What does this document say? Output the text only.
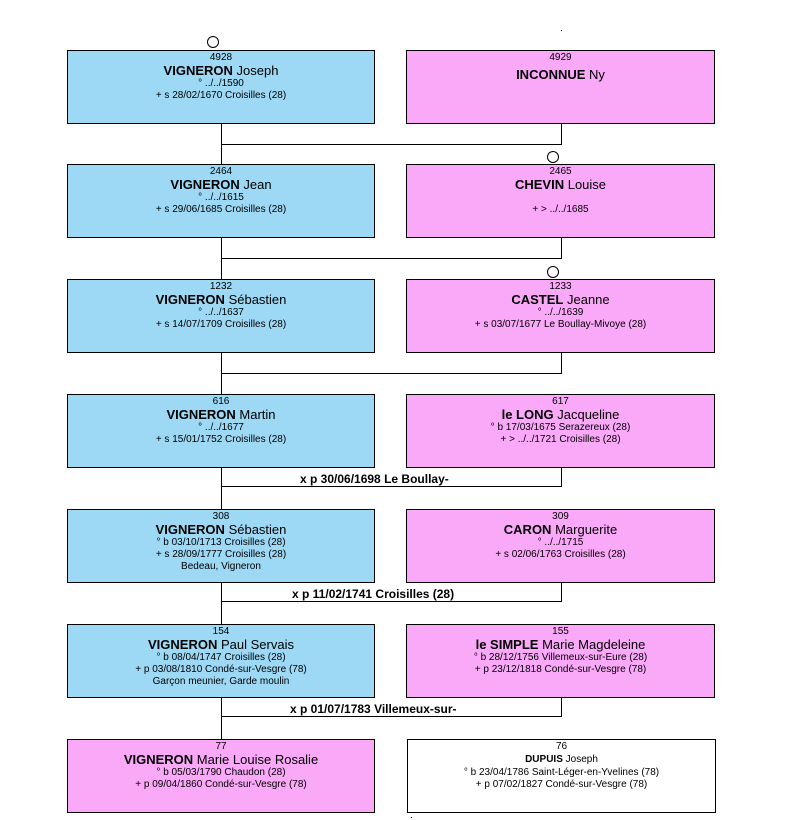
4928
VIGNERON Joseph
° ../../1590
+ s 28/02/1670 Croisilles (28)
4929
INCONNUE Ny
2464
VIGNERON Jean
° ../../1615
+ s 29/06/1685 Croisilles (28)
2465
CHEVIN Louise

+ > ../../1685
1232
VIGNERON Sébastien
° ../../1637
+ s 14/07/1709 Croisilles (28)
1233
CASTEL Jeanne
° ../../1639
+ s 03/07/1677 Le Boullay-Mivoye (28)
616
VIGNERON Martin
° ../../1677
+ s 15/01/1752 Croisilles (28)
617
le LONG Jacqueline
° b 17/03/1675 Serazereux (28)
+ > ../../1721 Croisilles (28)
x p 30/06/1698 Le Boullay-
308
VIGNERON Sébastien
° b 03/10/1713 Croisilles (28)
+ s 28/09/1777 Croisilles (28)
Bedeau, Vigneron
309
CARON Marguerite
° ../../1715
+ s 02/06/1763 Croisilles (28)
x p 11/02/1741 Croisilles (28)
154
VIGNERON Paul Servais
° b 08/04/1747 Croisilles (28)
+ p 03/08/1810 Condé-sur-Vesgre (78)
Garçon meunier, Garde moulin
155
le SIMPLE Marie Magdeleine
° b 28/12/1756 Villemeux-sur-Eure (28)
+ p 23/12/1818 Condé-sur-Vesgre (78)
x p 01/07/1783 Villemeux-sur-
77
VIGNERON Marie Louise Rosalie
° b 05/03/1790 Chaudon (28)
+ p 09/04/1860 Condé-sur-Vesgre (78)
76
DUPUIS Joseph
° b 23/04/1786 Saint-Léger-en-Yvelines (78)
+ p 07/02/1827 Condé-sur-Vesgre (78)
